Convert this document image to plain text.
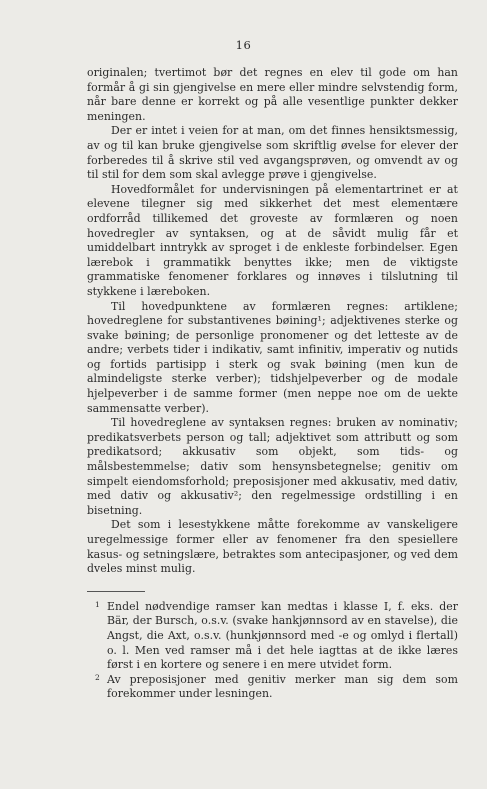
16

originalen; tvertimot bør det regnes en elev til gode om han formår å gi sin gjengivelse en mere eller mindre selvstendig form, når bare denne er korrekt og på alle vesentlige punkter dekker meningen.

Der er intet i veien for at man, om det finnes hensiktsmessig, av og til kan bruke gjengivelse som skriftlig øvelse for elever der forberedes til å skrive stil ved avgangsprøven, og omvendt av og til stil for dem som skal avlegge prøve i gjengivelse.

Hovedformålet for undervisningen på elementartrinet er at elevene tilegner sig med sikkerhet det mest elementære ordforråd tillikemed det groveste av formlæren og noen hovedregler av syntaksen, og at de såvidt mulig får et umiddelbart inntrykk av sproget i de enkleste forbindelser. Egen lærebok i grammatikk benyttes ikke; men de viktigste grammatiske fenomener forklares og innøves i tilslutning til stykkene i læreboken.

Til hovedpunktene av formlæren regnes: artiklene; hovedreglene for substantivenes bøining¹; adjektivenes sterke og svake bøining; de personlige pronomener og det letteste av de andre; verbets tider i indikativ, samt infinitiv, imperativ og nutids og fortids partisipp i sterk og svak bøining (men kun de almindeligste sterke verber); tidshjelpeverber og de modale hjelpeverber i de samme former (men neppe noe om de uekte sammensatte verber).

Til hovedreglene av syntaksen regnes: bruken av nominativ; predikatsverbets person og tall; adjektivet som attributt og som predikatsord; akkusativ som objekt, som tids- og målsbestemmelse; dativ som hensynsbetegnelse; genitiv om simpelt eiendomsforhold; preposisjoner med akkusativ, med dativ, med dativ og akkusativ²; den regelmessige ordstilling i en bisetning.

Det som i lesestykkene måtte forekomme av vanskeligere uregelmessige former eller av fenomener fra den spesiellere kasus- og setningslære, betraktes som antecipasjoner, og ved dem dveles minst mulig.

1 Endel nødvendige ramser kan medtas i klasse I, f. eks. der Bär, der Bursch, o.s.v. (svake hankjønnsord av en stavelse), die Angst, die Axt, o.s.v. (hunkjønnsord med -e og omlyd i flertall) o. l. Men ved ramser må i det hele iagttas at de ikke læres først i en kortere og senere i en mere utvidet form.

2 Av preposisjoner med genitiv merker man sig dem som forekommer under lesningen.
